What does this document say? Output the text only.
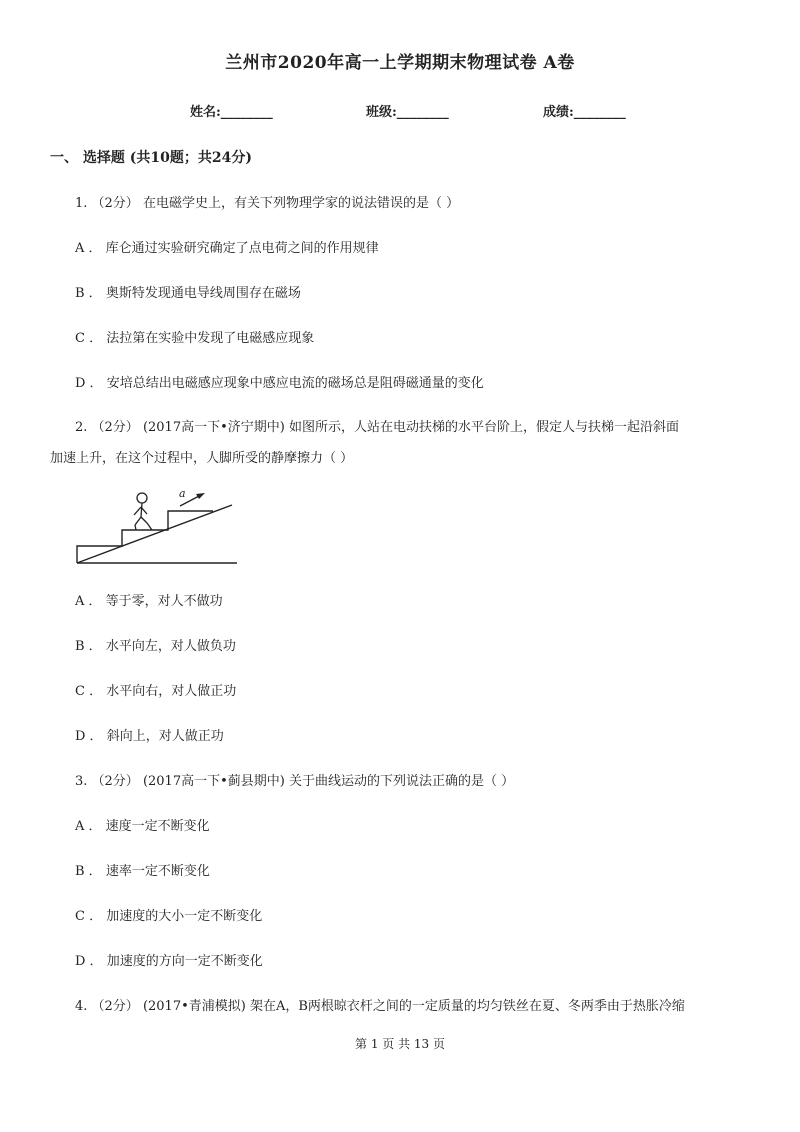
兰州市2020年高一上学期期末物理试卷 A卷
姓名:________	班级:________	成绩:________
一、 选择题 (共10题；共24分)
1. （2分） 在电磁学史上，有关下列物理学家的说法错误的是（ ）
A ． 库仑通过实验研究确定了点电荷之间的作用规律
B ． 奥斯特发现通电导线周围存在磁场
C ． 法拉第在实验中发现了电磁感应现象
D ． 安培总结出电磁感应现象中感应电流的磁场总是阻碍磁通量的变化
2. （2分） (2017高一下•济宁期中) 如图所示，人站在电动扶梯的水平台阶上，假定人与扶梯一起沿斜面
加速上升，在这个过程中，人脚所受的静摩擦力（ ）
a
A ． 等于零，对人不做功
B ． 水平向左，对人做负功
C ． 水平向右，对人做正功
D ． 斜向上，对人做正功
3. （2分） (2017高一下•蓟县期中) 关于曲线运动的下列说法正确的是（ ）
A ． 速度一定不断变化
B ． 速率一定不断变化
C ． 加速度的大小一定不断变化
D ． 加速度的方向一定不断变化
4. （2分） (2017•青浦模拟) 架在A，B两根晾衣杆之间的一定质量的均匀铁丝在夏、冬两季由于热胀冷缩
第 1 页 共 13 页
